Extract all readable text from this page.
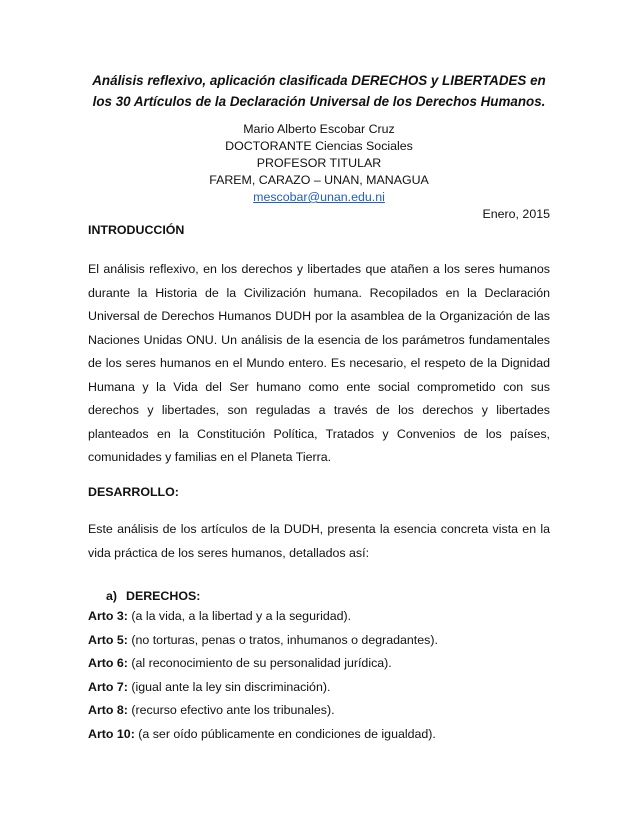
Análisis reflexivo, aplicación clasificada DERECHOS y LIBERTADES en
los 30 Artículos de la Declaración Universal de los Derechos Humanos.
Mario Alberto Escobar Cruz
DOCTORANTE Ciencias Sociales
PROFESOR TITULAR
FAREM, CARAZO – UNAN, MANAGUA
mescobar@unan.edu.ni
Enero, 2015
INTRODUCCIÓN

El análisis reflexivo, en los derechos y libertades que atañen a los seres humanos durante la Historia de la Civilización humana. Recopilados en la Declaración Universal de Derechos Humanos DUDH por la asamblea de la Organización de las Naciones Unidas ONU. Un análisis de la esencia de los parámetros fundamentales de los seres humanos en el Mundo entero. Es necesario, el respeto de la Dignidad Humana y la Vida del Ser humano como ente social comprometido con sus derechos y libertades, son reguladas a través de los derechos y libertades planteados en la Constitución Política, Tratados y Convenios de los países, comunidades y familias en el Planeta Tierra.

DESARROLLO:

Este análisis de los artículos de la DUDH, presenta la esencia concreta vista en la vida práctica de los seres humanos, detallados así:

a) DERECHOS:
Arto 3: (a la vida, a la libertad y a la seguridad).
Arto 5: (no torturas, penas o tratos, inhumanos o degradantes).
Arto 6: (al reconocimiento de su personalidad jurídica).
Arto 7: (igual ante la ley sin discriminación).
Arto 8: (recurso efectivo ante los tribunales).
Arto 10: (a ser oído públicamente en condiciones de igualdad).
